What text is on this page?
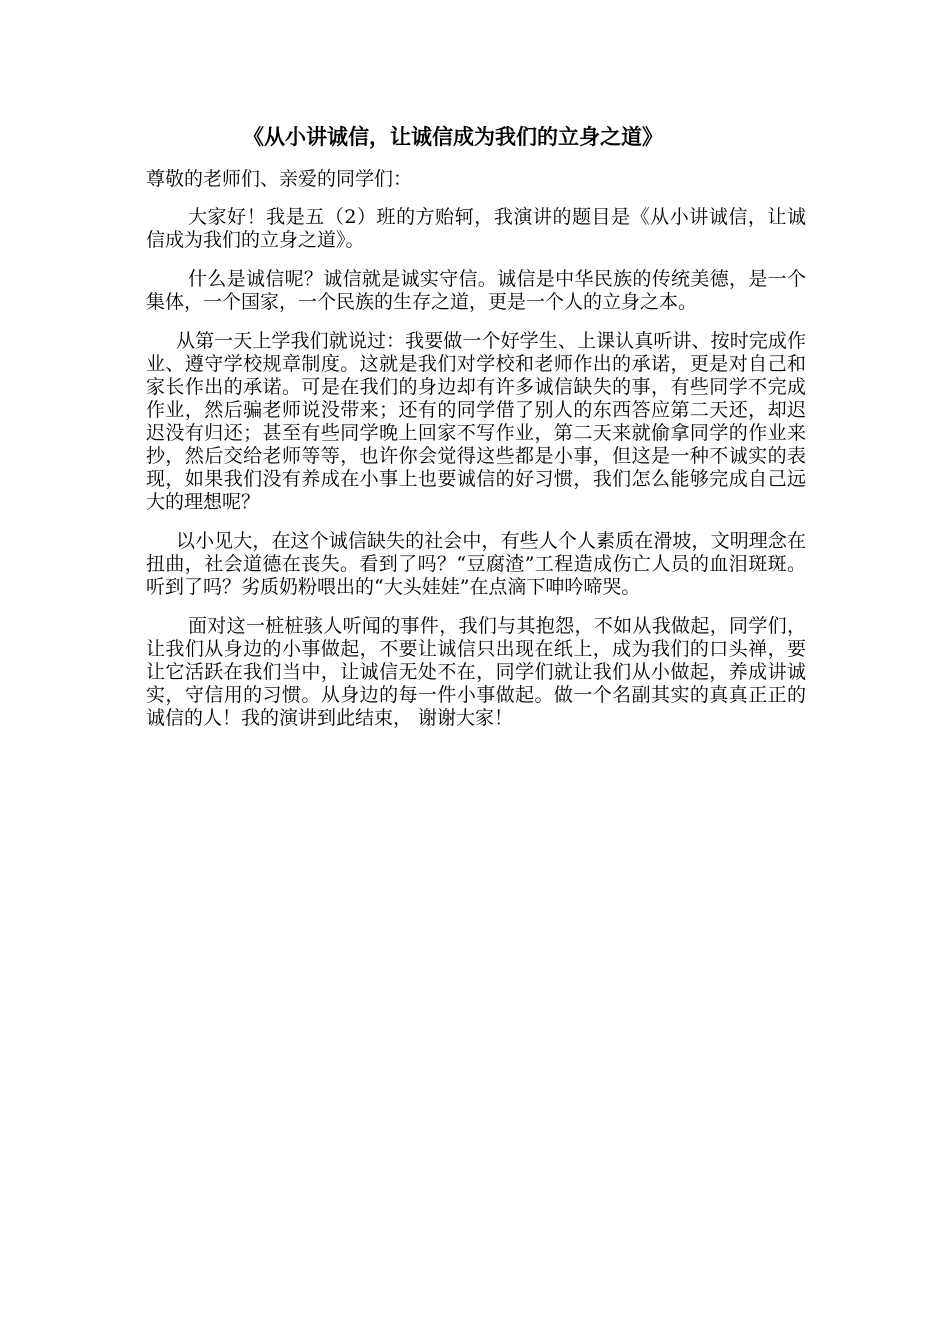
《从小讲诚信，让诚信成为我们的立身之道》

尊敬的老师们、亲爱的同学们：

大家好！我是五（2）班的方贻轲，我演讲的题目是《从小讲诚信，让诚信成为我们的立身之道》。

什么是诚信呢？诚信就是诚实守信。诚信是中华民族的传统美德，是一个集体，一个国家，一个民族的生存之道，更是一个人的立身之本。

从第一天上学我们就说过：我要做一个好学生、上课认真听讲、按时完成作业、遵守学校规章制度。这就是我们对学校和老师作出的承诺，更是对自己和家长作出的承诺。可是在我们的身边却有许多诚信缺失的事，有些同学不完成作业，然后骗老师说没带来；还有的同学借了别人的东西答应第二天还，却迟迟没有归还；甚至有些同学晚上回家不写作业，第二天来就偷拿同学的作业来抄，然后交给老师等等，也许你会觉得这些都是小事，但这是一种不诚实的表现，如果我们没有养成在小事上也要诚信的好习惯，我们怎么能够完成自己远大的理想呢？

以小见大，在这个诚信缺失的社会中，有些人个人素质在滑坡，文明理念在扭曲，社会道德在丧失。看到了吗？“豆腐渣”工程造成伤亡人员的血泪斑斑。听到了吗？劣质奶粉喂出的“大头娃娃”在点滴下呻吟啼哭。

面对这一桩桩骇人听闻的事件，我们与其抱怨，不如从我做起，同学们，让我们从身边的小事做起，不要让诚信只出现在纸上，成为我们的口头禅，要让它活跃在我们当中，让诚信无处不在，同学们就让我们从小做起，养成讲诚实，守信用的习惯。从身边的每一件小事做起。做一个名副其实的真真正正的诚信的人！我的演讲到此结束， 谢谢大家！
